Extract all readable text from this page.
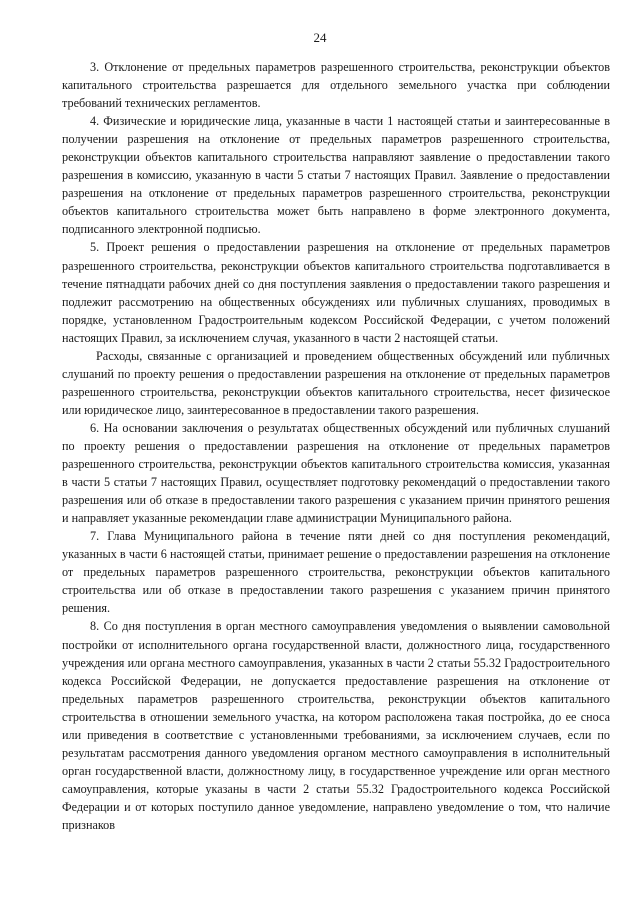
24

3. Отклонение от предельных параметров разрешенного строительства, реконструкции объектов капитального строительства разрешается для отдельного земельного участка при соблюдении требований технических регламентов.

4. Физические и юридические лица, указанные в части 1 настоящей статьи и заинтересованные в получении разрешения на отклонение от предельных параметров разрешенного строительства, реконструкции объектов капитального строительства направляют заявление о предоставлении такого разрешения в комиссию, указанную в части 5 статьи 7 настоящих Правил. Заявление о предоставлении разрешения на отклонение от предельных параметров разрешенного строительства, реконструкции объектов капитального строительства может быть направлено в форме электронного документа, подписанного электронной подписью.

5. Проект решения о предоставлении разрешения на отклонение от предельных параметров разрешенного строительства, реконструкции объектов капитального строительства подготавливается в течение пятнадцати рабочих дней со дня поступления заявления о предоставлении такого разрешения и подлежит рассмотрению на общественных обсуждениях или публичных слушаниях, проводимых в порядке, установленном Градостроительным кодексом Российской Федерации, с учетом положений настоящих Правил, за исключением случая, указанного в части 2 настоящей статьи.

Расходы, связанные с организацией и проведением общественных обсуждений или публичных слушаний по проекту решения о предоставлении разрешения на отклонение от предельных параметров разрешенного строительства, реконструкции объектов капитального строительства, несет физическое или юридическое лицо, заинтересованное в предоставлении такого разрешения.

6. На основании заключения о результатах общественных обсуждений или публичных слушаний по проекту решения о предоставлении разрешения на отклонение от предельных параметров разрешенного строительства, реконструкции объектов капитального строительства комиссия, указанная в части 5 статьи 7 настоящих Правил, осуществляет подготовку рекомендаций о предоставлении такого разрешения или об отказе в предоставлении такого разрешения с указанием причин принятого решения и направляет указанные рекомендации главе администрации Муниципального района.

7. Глава Муниципального района в течение пяти дней со дня поступления рекомендаций, указанных в части 6 настоящей статьи, принимает решение о предоставлении разрешения на отклонение от предельных параметров разрешенного строительства, реконструкции объектов капитального строительства или об отказе в предоставлении такого разрешения с указанием причин принятого решения.

8. Со дня поступления в орган местного самоуправления уведомления о выявлении самовольной постройки от исполнительного органа государственной власти, должностного лица, государственного учреждения или органа местного самоуправления, указанных в части 2 статьи 55.32 Градостроительного кодекса Российской Федерации, не допускается предоставление разрешения на отклонение от предельных параметров разрешенного строительства, реконструкции объектов капитального строительства в отношении земельного участка, на котором расположена такая постройка, до ее сноса или приведения в соответствие с установленными требованиями, за исключением случаев, если по результатам рассмотрения данного уведомления органом местного самоуправления в исполнительный орган государственной власти, должностному лицу, в государственное учреждение или орган местного самоуправления, которые указаны в части 2 статьи 55.32 Градостроительного кодекса Российской Федерации и от которых поступило данное уведомление, направлено уведомление о том, что наличие признаков
